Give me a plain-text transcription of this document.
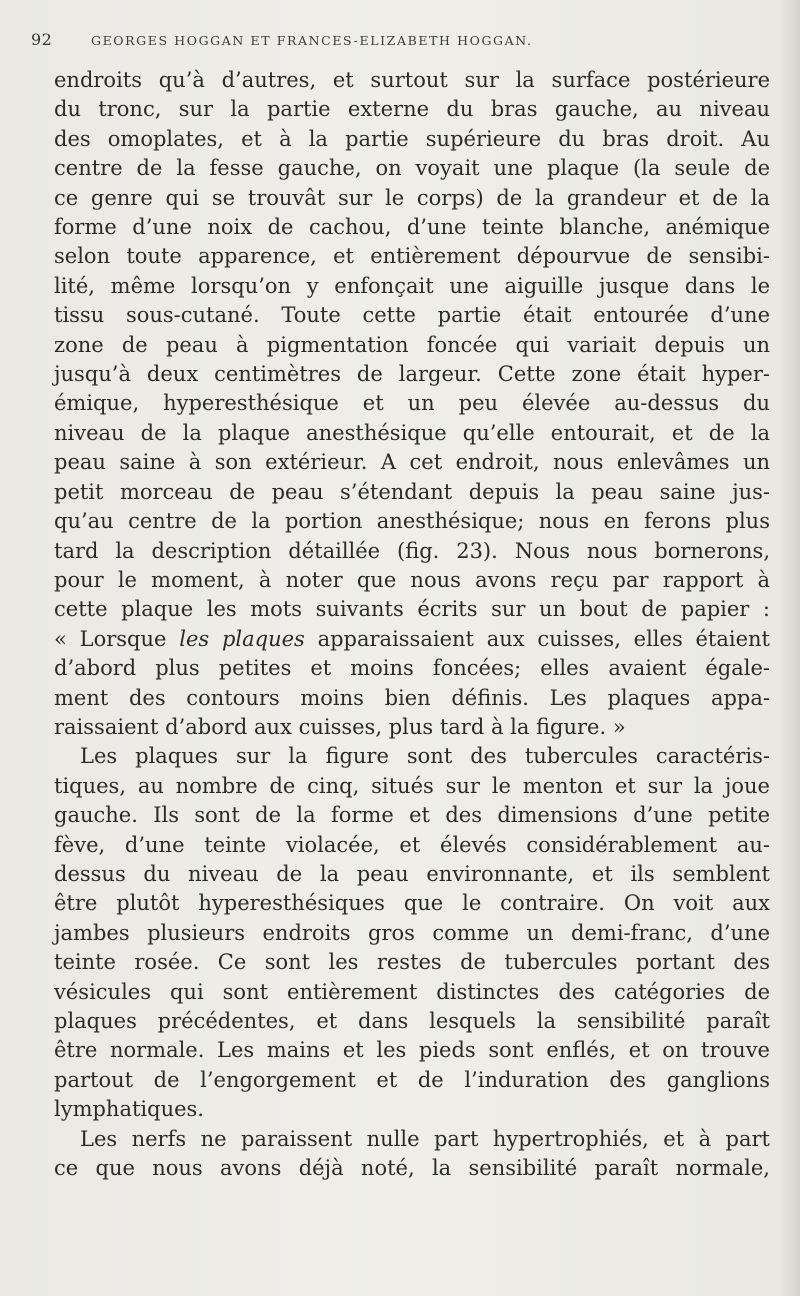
92	GEORGES HOGGAN ET FRANCES-ELIZABETH HOGGAN.
endroits qu’à d’autres, et surtout sur la surface postérieure
du tronc, sur la partie externe du bras gauche, au niveau
des omoplates, et à la partie supérieure du bras droit. Au
centre de la fesse gauche, on voyait une plaque (la seule de
ce genre qui se trouvât sur le corps) de la grandeur et de la
forme d’une noix de cachou, d’une teinte blanche, anémique
selon toute apparence, et entièrement dépourvue de sensibi-
lité, même lorsqu’on y enfonçait une aiguille jusque dans le
tissu sous-cutané. Toute cette partie était entourée d’une
zone de peau à pigmentation foncée qui variait depuis un
jusqu’à deux centimètres de largeur. Cette zone était hyper-
émique, hyperesthésique et un peu élevée au-dessus du
niveau de la plaque anesthésique qu’elle entourait, et de la
peau saine à son extérieur. A cet endroit, nous enlevâmes un
petit morceau de peau s’étendant depuis la peau saine jus-
qu’au centre de la portion anesthésique; nous en ferons plus
tard la description détaillée (fig. 23). Nous nous bornerons,
pour le moment, à noter que nous avons reçu par rapport à
cette plaque les mots suivants écrits sur un bout de papier :
« Lorsque les plaques apparaissaient aux cuisses, elles étaient
d’abord plus petites et moins foncées; elles avaient égale-
ment des contours moins bien définis. Les plaques appa-
raissaient d’abord aux cuisses, plus tard à la figure. »
Les plaques sur la figure sont des tubercules caractéris-
tiques, au nombre de cinq, situés sur le menton et sur la joue
gauche. Ils sont de la forme et des dimensions d’une petite
fève, d’une teinte violacée, et élevés considérablement au-
dessus du niveau de la peau environnante, et ils semblent
être plutôt hyperesthésiques que le contraire. On voit aux
jambes plusieurs endroits gros comme un demi-franc, d’une
teinte rosée. Ce sont les restes de tubercules portant des
vésicules qui sont entièrement distinctes des catégories de
plaques précédentes, et dans lesquels la sensibilité paraît
être normale. Les mains et les pieds sont enflés, et on trouve
partout de l’engorgement et de l’induration des ganglions
lymphatiques.
Les nerfs ne paraissent nulle part hypertrophiés, et à part
ce que nous avons déjà noté, la sensibilité paraît normale,
